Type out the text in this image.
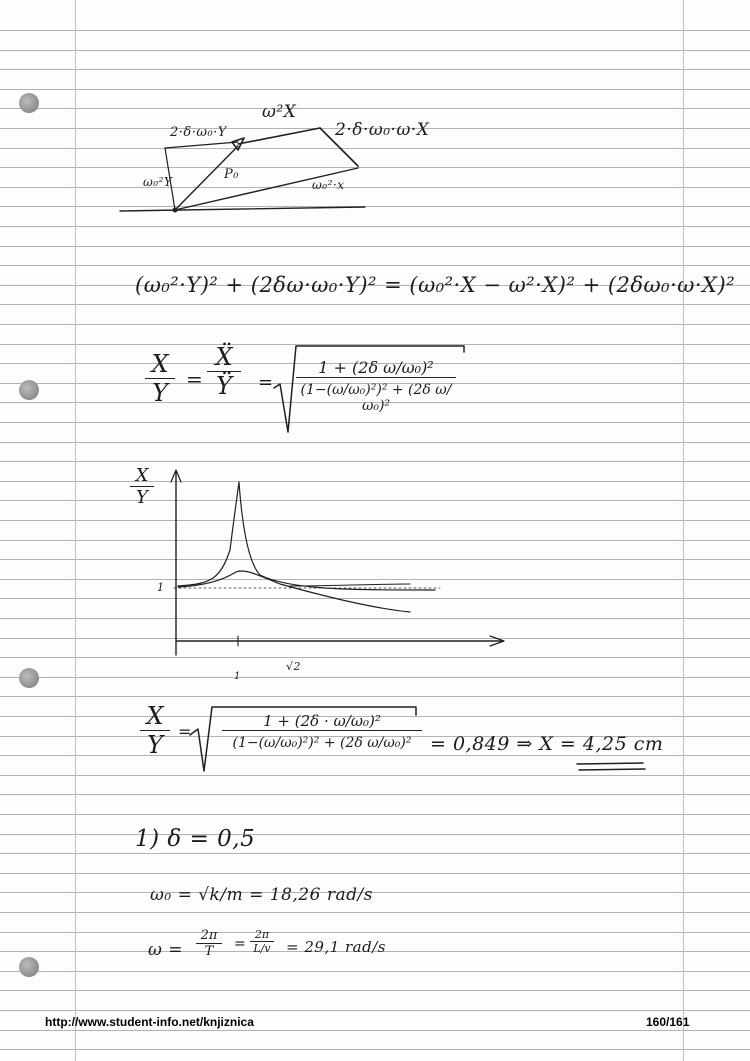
2·δ·ω₀·Y
ω²X
2·δ·ω₀·ω·X
ω₀²Y	P₀
ω₀²·x
(ω₀²·Y)² + (2δω·ω₀·Y)² = (ω₀²·X − ω²·X)² + (2δω₀·ω·X)²
$\frac{X}{Y} = \frac{\text{Ẍ}}{Ÿ} = \frac{\text{1 + (2δ ω/ω₀)²}}{\text{(1−(ω/ω₀)²)² + (2δ ω/ω₀)²}}$
$\frac{X}{Y}$
1
1
√2
$\frac{X}{Y} = \frac{\text{1 + (2δ · ω/ω₀)²}}{\text{(1−(ω/ω₀)²)² + (2δ ω/ω₀)²}} = 0,849$ ⇒ X = 4,25 cm
1) δ = 0,5
ω₀ = √k/m = 18,26 rad/s
$\omega = \frac{2\pi}{T} = \frac{2\pi}{L/v} = 29,1$ rad/s
http://www.student-info.net/knjiznica	160/161
